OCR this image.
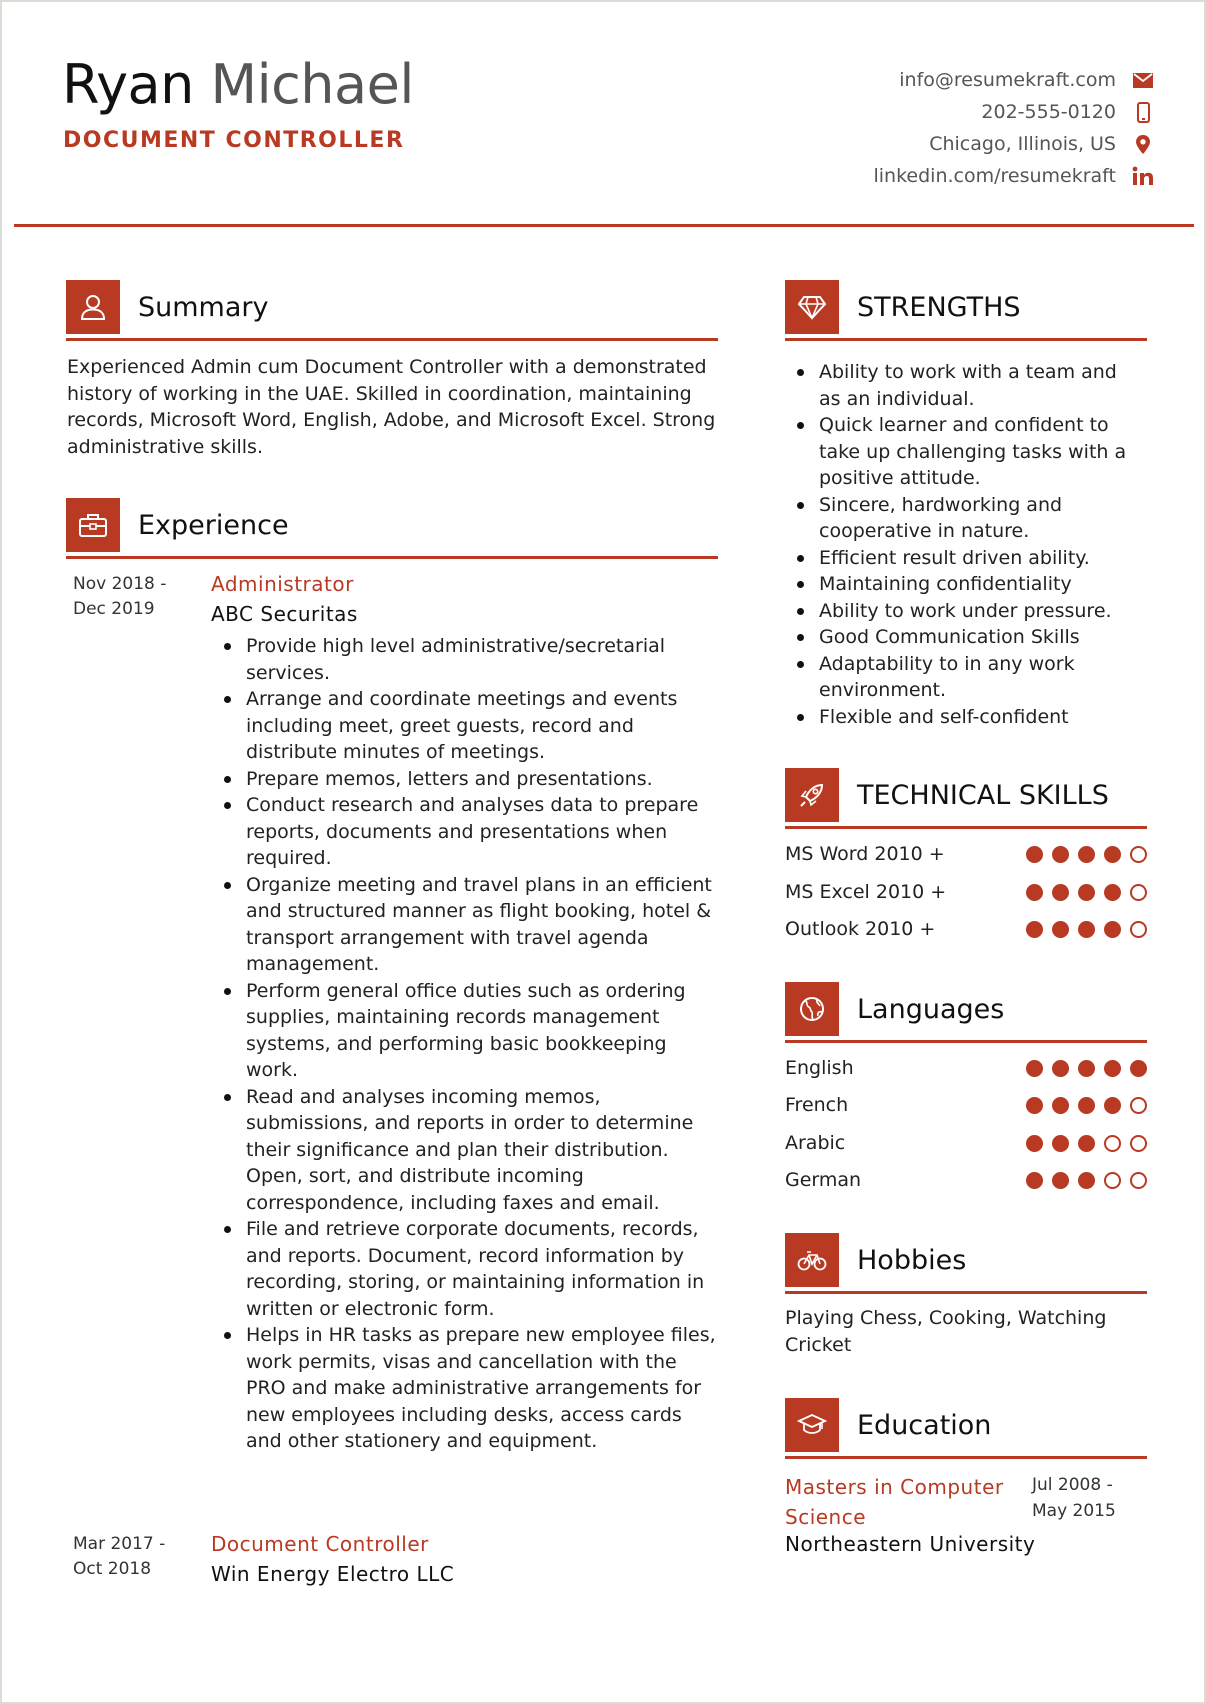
Ryan Michael
DOCUMENT CONTROLLER
info@resumekraft.com
202-555-0120
Chicago, Illinois, US
linkedin.com/resumekraft
Summary
Experienced Admin cum Document Controller with a demonstrated history of working in the UAE. Skilled in coordination, maintaining records, Microsoft Word, English, Adobe, and Microsoft Excel. Strong administrative skills.
Experience
Nov 2018 -
Dec 2019
Administrator
ABC Securitas
Provide high level administrative/secretarial services.
Arrange and coordinate meetings and events including meet, greet guests, record and distribute minutes of meetings.
Prepare memos, letters and presentations.
Conduct research and analyses data to prepare reports, documents and presentations when required.
Organize meeting and travel plans in an efficient and structured manner as flight booking, hotel & transport arrangement with travel agenda management.
Perform general office duties such as ordering supplies, maintaining records management systems, and performing basic bookkeeping work.
Read and analyses incoming memos, submissions, and reports in order to determine their significance and plan their distribution. Open, sort, and distribute incoming correspondence, including faxes and email.
File and retrieve corporate documents, records, and reports. Document, record information by recording, storing, or maintaining information in written or electronic form.
Helps in HR tasks as prepare new employee files, work permits, visas and cancellation with the PRO and make administrative arrangements for new employees including desks, access cards and other stationery and equipment.
Mar 2017 -
Oct 2018
Document Controller
Win Energy Electro LLC
STRENGTHS
Ability to work with a team and as an individual.
Quick learner and confident to take up challenging tasks with a positive attitude.
Sincere, hardworking and cooperative in nature.
Efficient result driven ability.
Maintaining confidentiality
Ability to work under pressure.
Good Communication Skills
Adaptability to in any work environment.
Flexible and self-confident
TECHNICAL SKILLS
MS Word 2010 +
MS Excel 2010 +
Outlook 2010 +
Languages
English
French
Arabic
German
Hobbies
Playing Chess, Cooking, Watching Cricket
Education
Masters in Computer Science
Jul 2008 -
May 2015
Northeastern University
